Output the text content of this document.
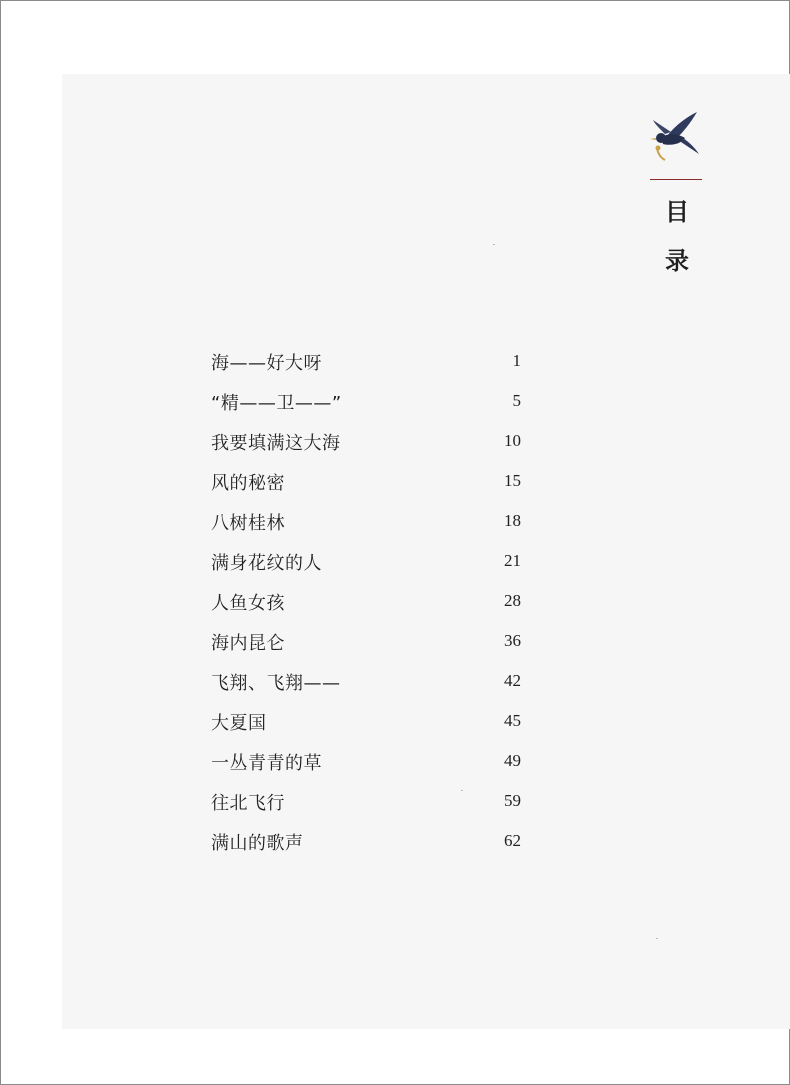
目
录
海——好大呀	1
“精——卫——”	5
我要填满这大海	10
风的秘密	15
八树桂林	18
满身花纹的人	21
人鱼女孩	28
海内昆仑	36
飞翔、飞翔——	42
大夏国	45
一丛青青的草	49
往北飞行	59
满山的歌声	62
